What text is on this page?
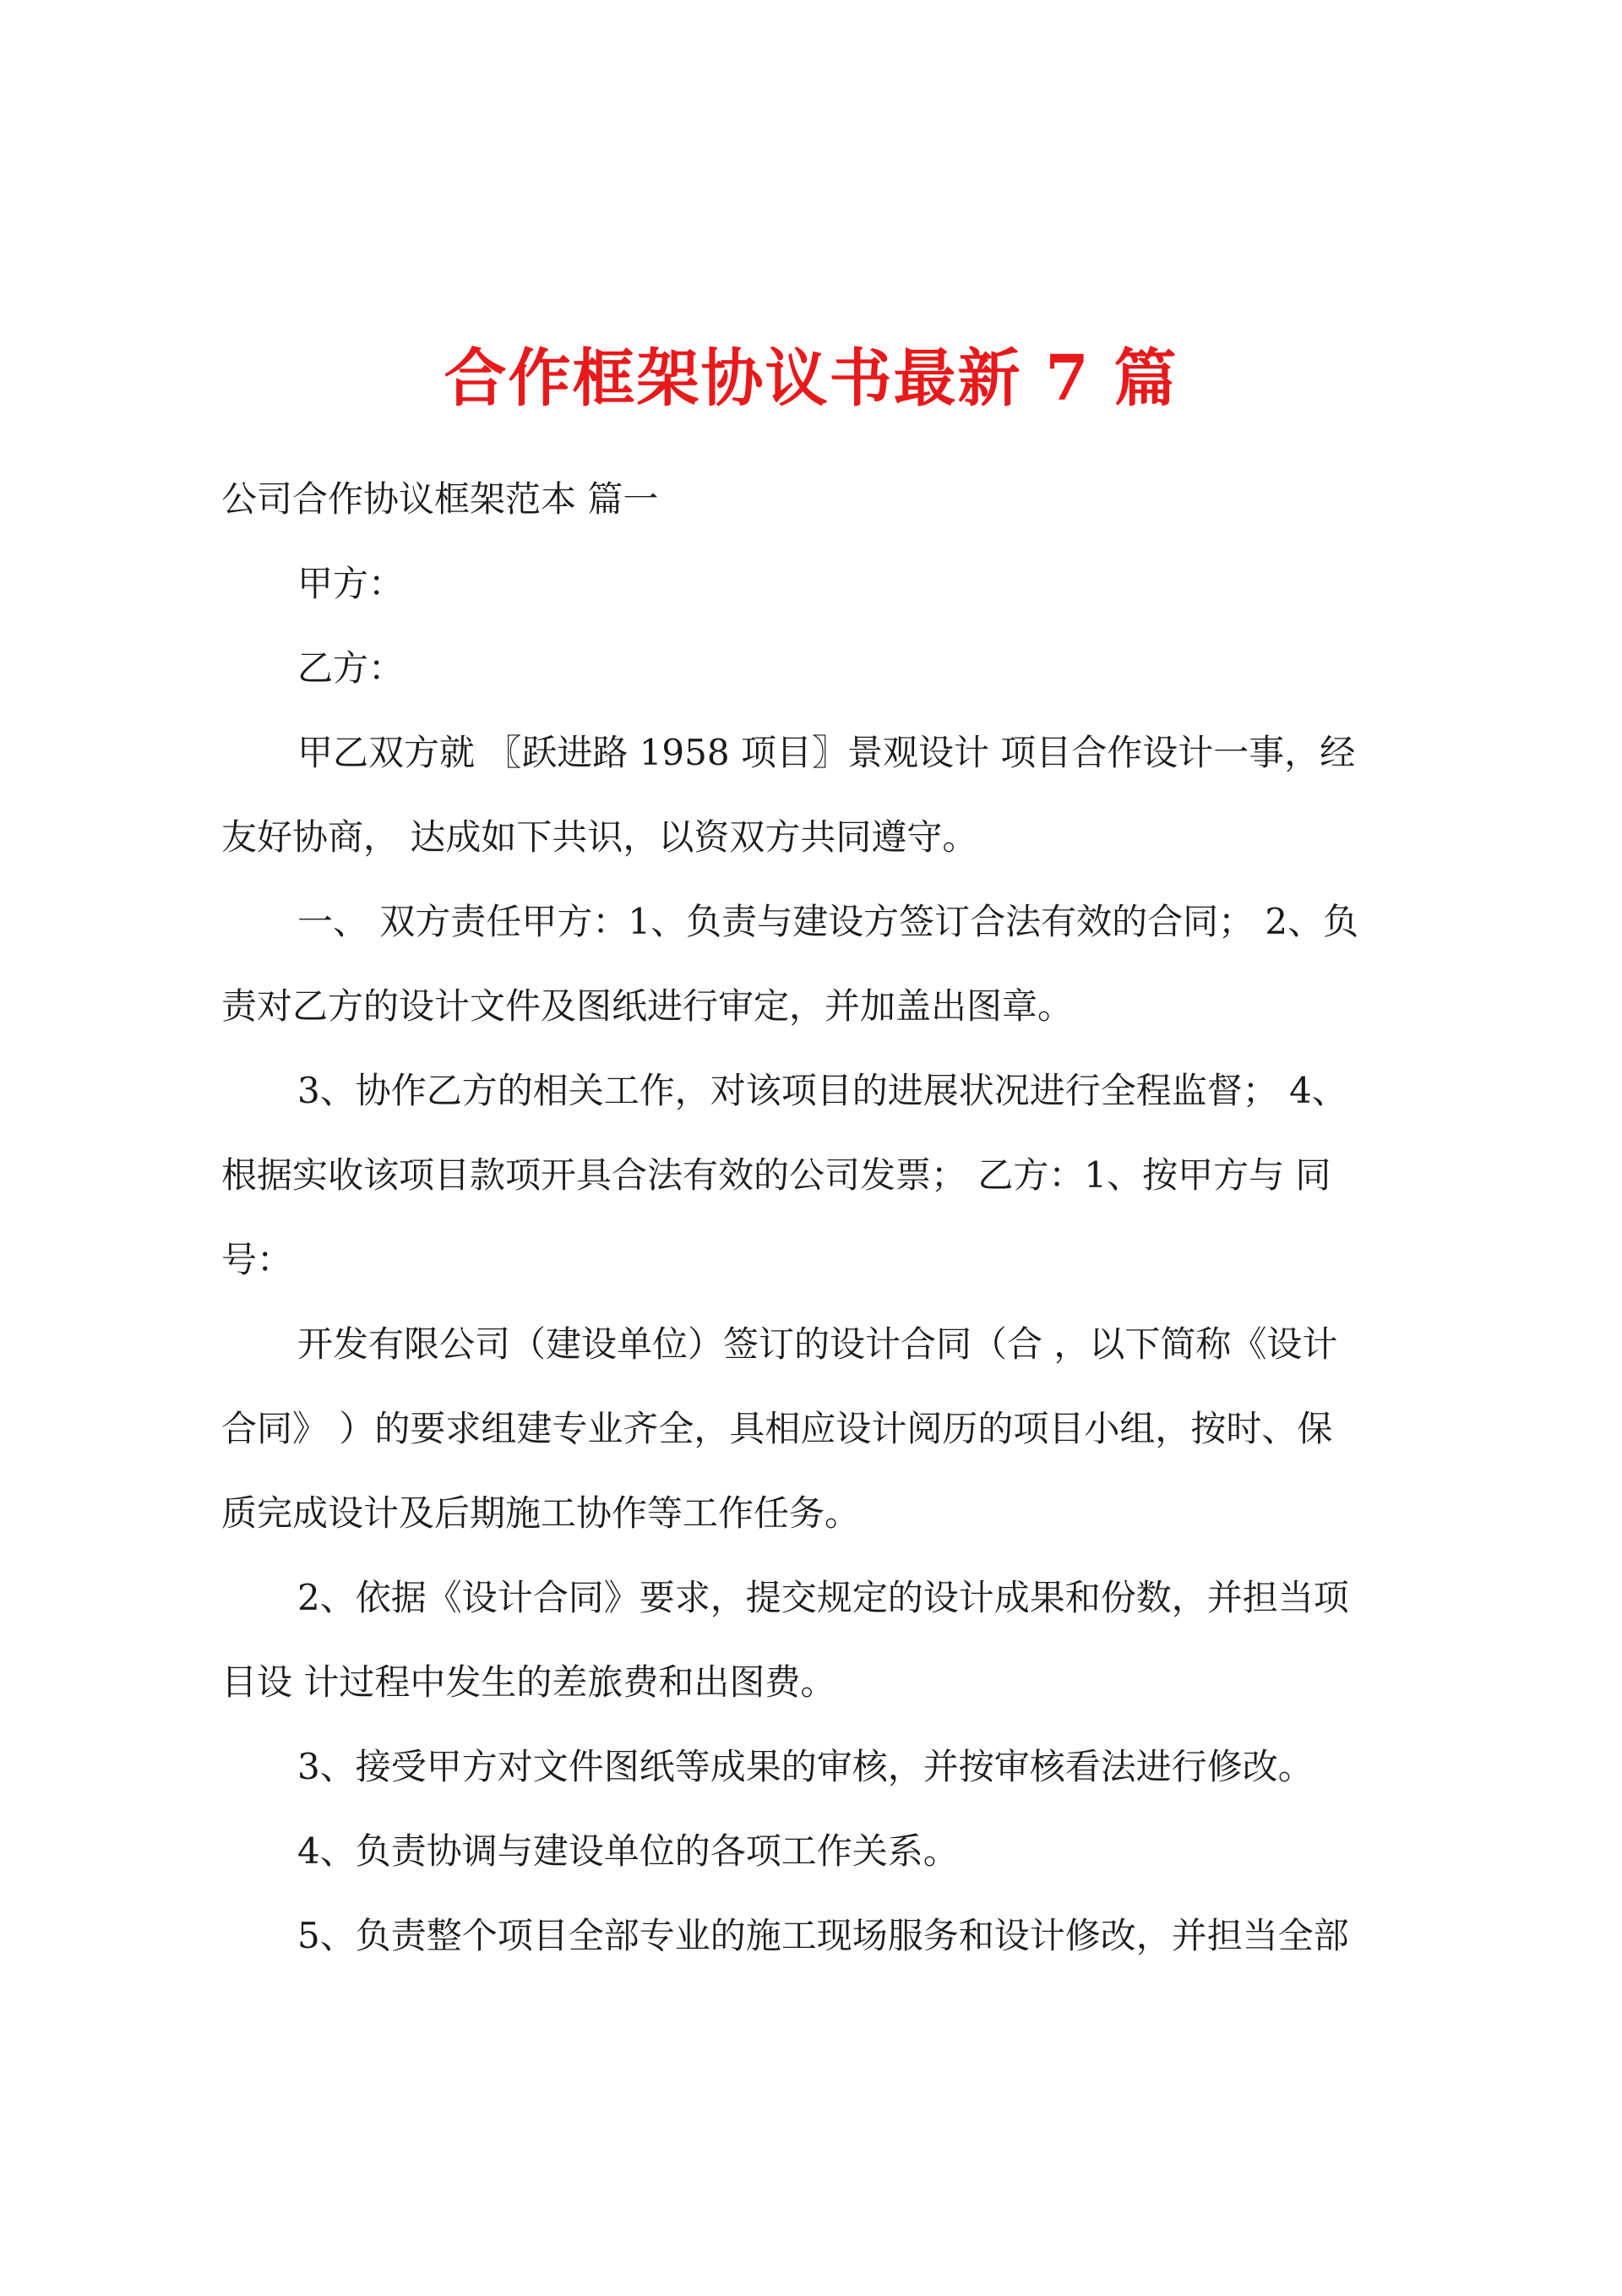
合作框架协议书最新 7 篇
公司合作协议框架范本 篇一
甲方：
乙方：
甲乙双方就 〖跃进路 1958 项目〗景观设计 项目合作设计一事，经
友好协商， 达成如下共识，以资双方共同遵守。
一、 双方责任甲方：1、负责与建设方签订合法有效的合同； 2、负
责对乙方的设计文件及图纸进行审定，并加盖出图章。
3、协作乙方的相关工作，对该项目的进展状况进行全程监督； 4、
根据实收该项目款项开具合法有效的公司发票； 乙方：1、按甲方与 同
号：
开发有限公司（建设单位）签订的设计合同（合 ，以下简称《设计
合同》 ）的要求组建专业齐全，具相应设计阅历的项目小组，按时、保
质完成设计及后期施工协作等工作任务。
2、依据《设计合同》要求，提交规定的设计成果和份数，并担当项
目设 计过程中发生的差旅费和出图费。
3、接受甲方对文件图纸等成果的审核，并按审核看法进行修改。
4、负责协调与建设单位的各项工作关系。
5、负责整个项目全部专业的施工现场服务和设计修改，并担当全部
